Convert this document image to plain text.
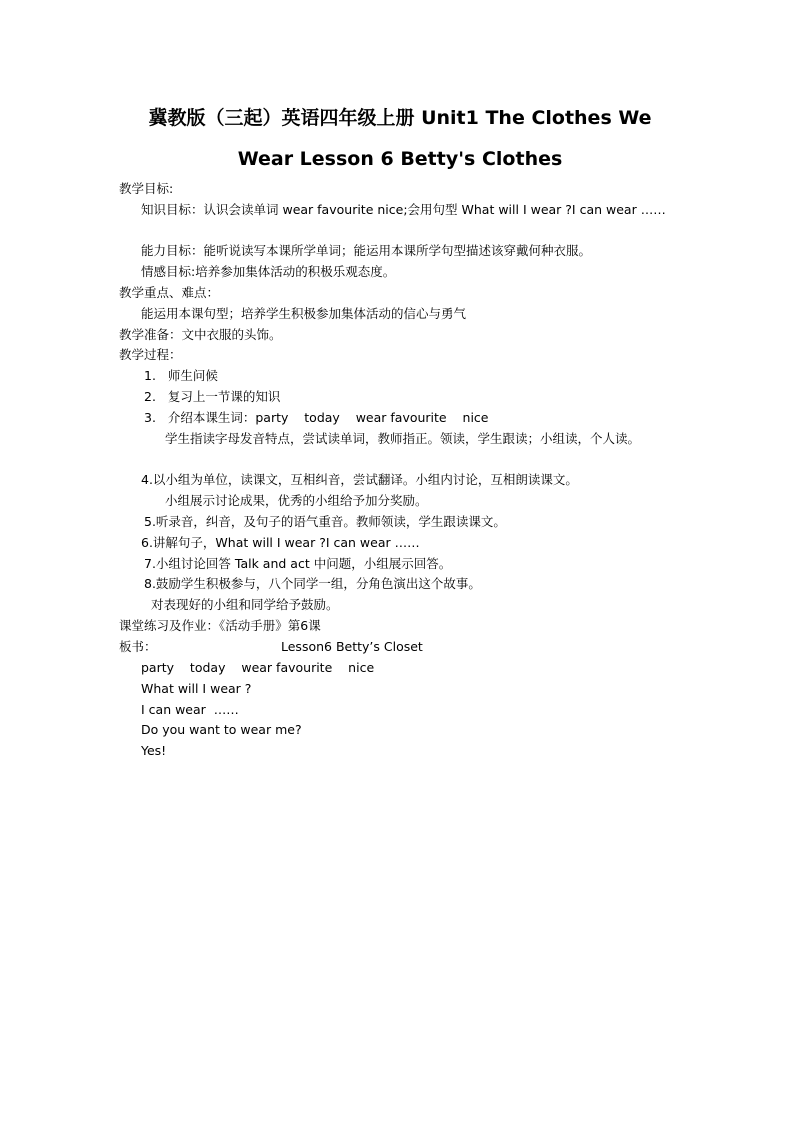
冀教版（三起）英语四年级上册 Unit1 The Clothes We
Wear Lesson 6 Betty's Clothes
教学目标:
知识目标：认识会读单词 wear favourite nice;会用句型 What will I wear ?I can wear ……
能力目标：能听说读写本课所学单词；能运用本课所学句型描述该穿戴何种衣服。
情感目标:培养参加集体活动的积极乐观态度。
教学重点、难点：
能运用本课句型；培养学生积极参加集体活动的信心与勇气
教学准备：文中衣服的头饰。
教学过程：
1.   师生问候
2.   复习上一节课的知识
3.   介绍本课生词：party    today    wear favourite    nice
学生指读字母发音特点，尝试读单词，教师指正。领读，学生跟读；小组读，个人读。
4.以小组为单位，读课文，互相纠音，尝试翻译。小组内讨论，互相朗读课文。
小组展示讨论成果，优秀的小组给予加分奖励。
5.听录音，纠音，及句子的语气重音。教师领读，学生跟读课文。
6.讲解句子，What will I wear ?I can wear ……
7.小组讨论回答 Talk and act 中问题，小组展示回答。
8.鼓励学生积极参与，八个同学一组，分角色演出这个故事。
对表现好的小组和同学给予鼓励。
课堂练习及作业：《活动手册》第6课
板书：	Lesson6 Betty’s Closet
party    today    wear favourite    nice
What will I wear ?
I can wear  ……
Do you want to wear me?
Yes!
